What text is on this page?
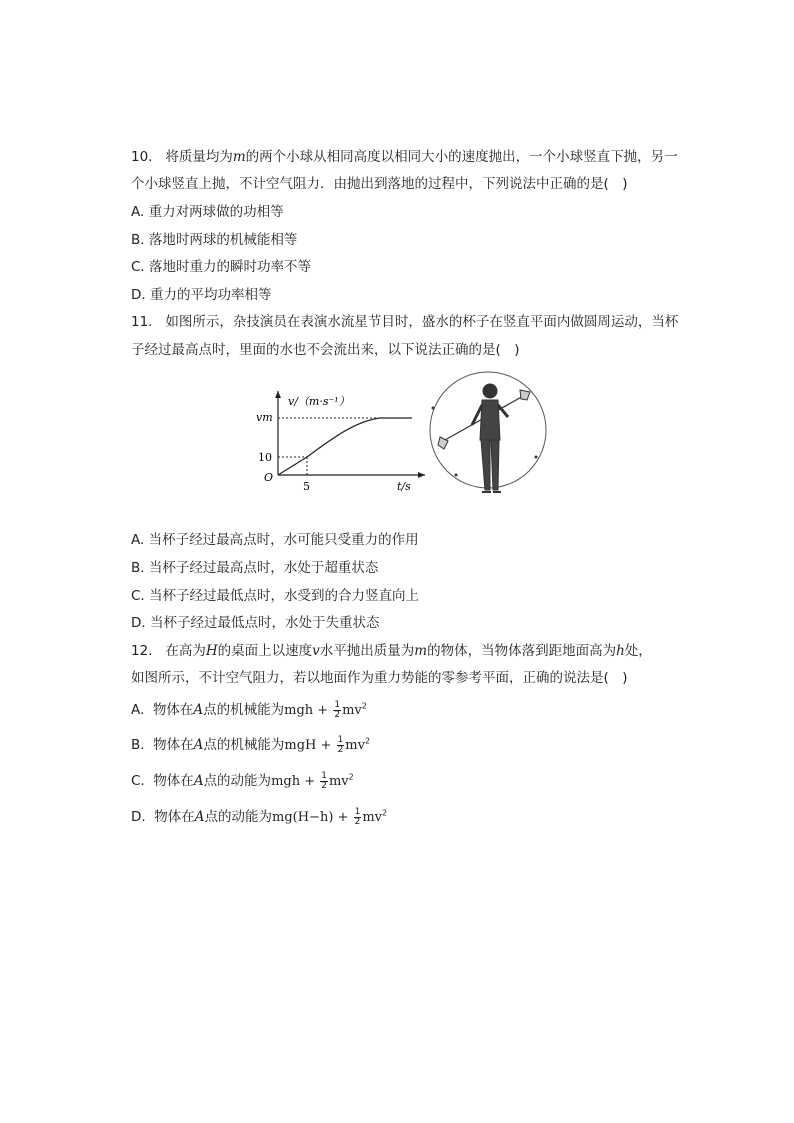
10. 将质量均为m的两个小球从相同高度以相同大小的速度抛出，一个小球竖直下抛，另一
个小球竖直上抛，不计空气阻力．由抛出到落地的过程中，下列说法中正确的是(　)
A. 重力对两球做的功相等
B. 落地时两球的机械能相等
C. 落地时重力的瞬时功率不等
D. 重力的平均功率相等
11. 如图所示，杂技演员在表演水流星节目时，盛水的杯子在竖直平面内做圆周运动，当杯
子经过最高点时，里面的水也不会流出来，以下说法正确的是(　)
v/（m·s⁻¹）
vm
10
O
5	t/s
A. 当杯子经过最高点时，水可能只受重力的作用
B. 当杯子经过最高点时，水处于超重状态
C. 当杯子经过最低点时，水受到的合力竖直向上
D. 当杯子经过最低点时，水处于失重状态
12. 在高为H的桌面上以速度v水平抛出质量为m的物体，当物体落到距地面高为h处，
如图所示，不计空气阻力，若以地面作为重力势能的零参考平面，正确的说法是(　)
A. 物体在A点的机械能为mgh + $\frac{1}{2} mv^2$
B. 物体在A点的机械能为mgH + $\frac{1}{2} mv^2$
C. 物体在A点的动能为mgh + $\frac{1}{2} mv^2$
D. 物体在A点的动能为$mg(H-h) + \frac{1}{2} mv^2$
